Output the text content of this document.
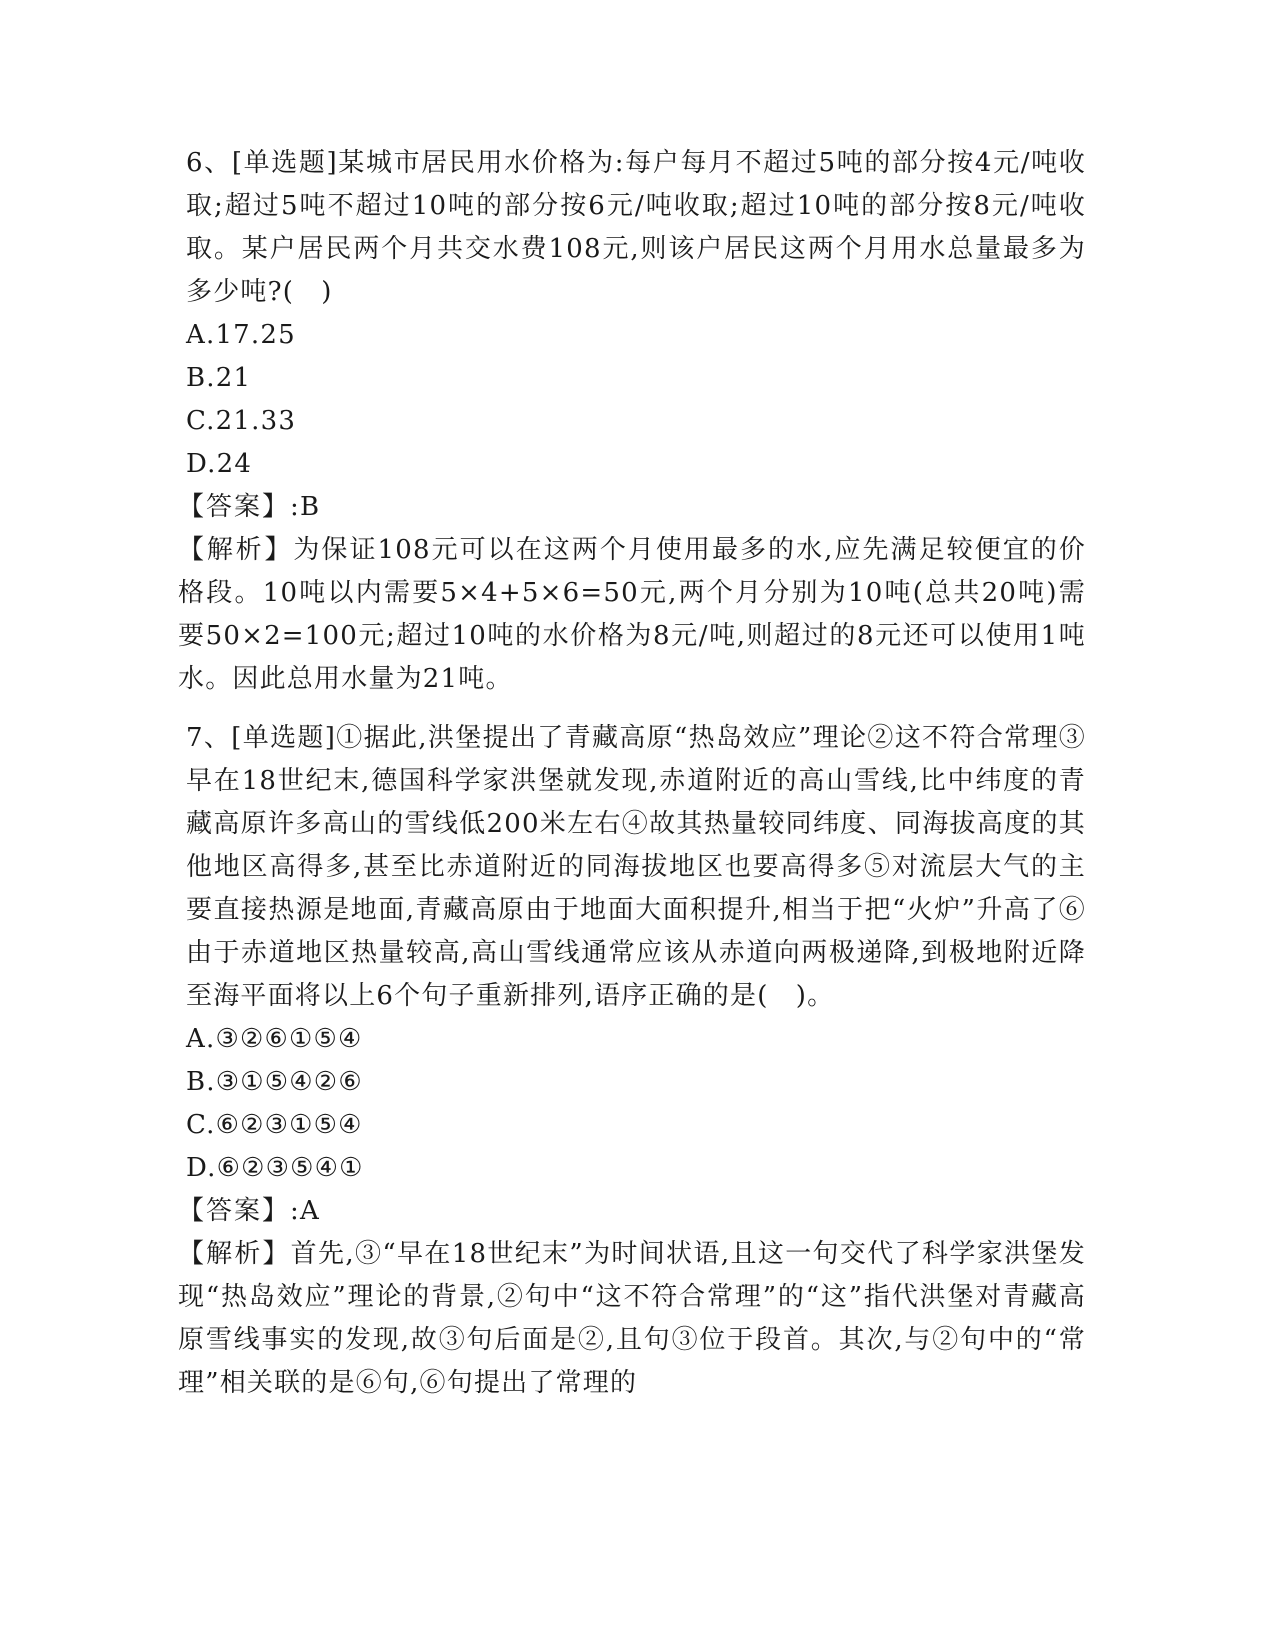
6、[单选题]某城市居民用水价格为:每户每月不超过5吨的部分按4元/吨收取;超过5吨不超过10吨的部分按6元/吨收取;超过10吨的部分按8元/吨收取。某户居民两个月共交水费108元,则该户居民这两个月用水总量最多为多少吨?(　)

A.17.25

B.21

C.21.33

D.24

【答案】:B

【解析】为保证108元可以在这两个月使用最多的水,应先满足较便宜的价格段。10吨以内需要5×4+5×6=50元,两个月分别为10吨(总共20吨)需要50×2=100元;超过10吨的水价格为8元/吨,则超过的8元还可以使用1吨水。因此总用水量为21吨。

7、[单选题]①据此,洪堡提出了青藏高原“热岛效应”理论②这不符合常理③早在18世纪末,德国科学家洪堡就发现,赤道附近的高山雪线,比中纬度的青藏高原许多高山的雪线低200米左右④故其热量较同纬度、同海拔高度的其他地区高得多,甚至比赤道附近的同海拔地区也要高得多⑤对流层大气的主要直接热源是地面,青藏高原由于地面大面积提升,相当于把“火炉”升高了⑥由于赤道地区热量较高,高山雪线通常应该从赤道向两极递降,到极地附近降至海平面将以上6个句子重新排列,语序正确的是(　)。

A.③②⑥①⑤④

B.③①⑤④②⑥

C.⑥②③①⑤④

D.⑥②③⑤④①

【答案】:A

【解析】首先,③“早在18世纪末”为时间状语,且这一句交代了科学家洪堡发现“热岛效应”理论的背景,②句中“这不符合常理”的“这”指代洪堡对青藏高原雪线事实的发现,故③句后面是②,且句③位于段首。其次,与②句中的“常理”相关联的是⑥句,⑥句提出了常理的
